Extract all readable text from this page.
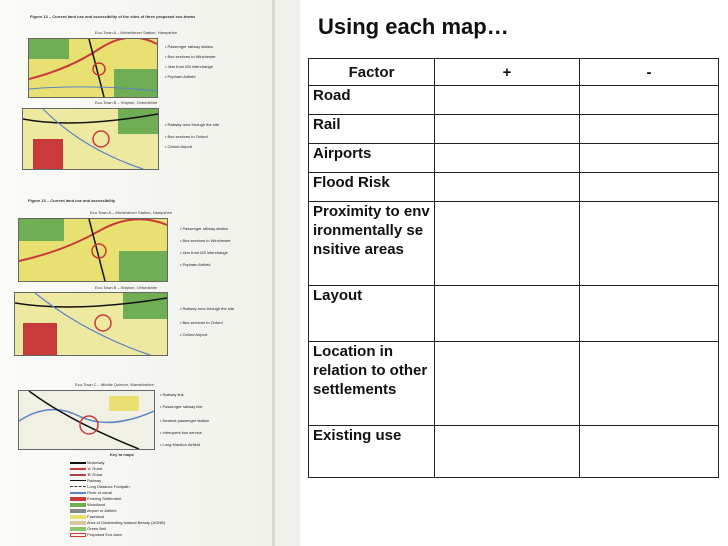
Figure 13 – Current land use and accessibility of the sites of three proposed eco-towns
Eco-Town A – Micheldever Station, Hampshire
• Passenger railway station
• Bus services to Winchester
• 4km from M3 interchange
• Popham Airfield
Eco-Town B – Shipton, Oxfordshire
• Railway runs through the site
• Bus services to Oxford
• Oxford Airport
Figure 13 – Current land use and accessibility
Eco-Town A – Micheldever Station, Hampshire
• Passenger railway station
• Bus services to Winchester
• 4km from M3 interchange
• Popham Airfield
Eco-Town B – Shipton, Oxfordshire
• Railway runs through the site
• Bus services to Oxford
• Oxford Airport
Eco-Town C – Middle Quinton, Warwickshire
• Railway link
• Passenger railway line
• Nearest passenger station
• Infrequent bus service
• Long Marston Airfield
Key to maps
Motorway
'A' Road
'B' Road
Railway
Long Distance Footpath
River or canal
Existing Settlement
Woodland
Airport or Airfield
Farmland
Area of Outstanding Natural Beauty (AONB)
Green Belt
Proposed Eco-town
Using each map…
Factor	+	-
Road		
Rail		
Airports		
Flood Risk		
Proximity to environmentally sensitive areas		
Layout		
Location in relation to other settlements		
Existing use		
